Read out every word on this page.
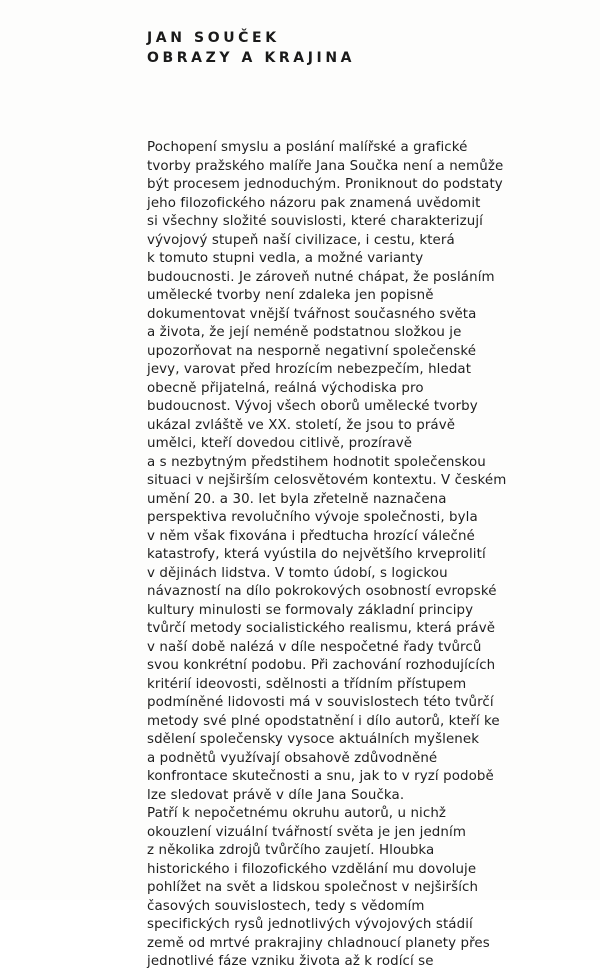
JAN SOUČEK
OBRAZY A KRAJINA
Pochopení smyslu a poslání malířské a grafické
tvorby pražského malíře Jana Součka není a nemůže
být procesem jednoduchým. Proniknout do podstaty
jeho filozofického názoru pak znamená uvědomit
si všechny složité souvislosti, které charakterizují
vývojový stupeň naší civilizace, i cestu, která
k tomuto stupni vedla, a možné varianty
budoucnosti. Je zároveň nutné chápat, že posláním
umělecké tvorby není zdaleka jen popisně
dokumentovat vnější tvářnost současného světa
a života, že její neméně podstatnou složkou je
upozorňovat na nesporně negativní společenské
jevy, varovat před hrozícím nebezpečím, hledat
obecně přijatelná, reálná východiska pro
budoucnost. Vývoj všech oborů umělecké tvorby
ukázal zvláště ve XX. století, že jsou to právě
umělci, kteří dovedou citlivě, prozíravě
a s nezbytným předstihem hodnotit společenskou
situaci v nejširším celosvětovém kontextu. V českém
umění 20. a 30. let byla zřetelně naznačena
perspektiva revolučního vývoje společnosti, byla
v něm však fixována i předtucha hrozící válečné
katastrofy, která vyústila do největšího krveprolití
v dějinách lidstva. V tomto údobí, s logickou
návazností na dílo pokrokových osobností evropské
kultury minulosti se formovaly základní principy
tvůrčí metody socialistického realismu, která právě
v naší době nalézá v díle nespočetné řady tvůrců
svou konkrétní podobu. Při zachování rozhodujících
kritérií ideovosti, sdělnosti a třídním přístupem
podmíněné lidovosti má v souvislostech této tvůrčí
metody své plné opodstatnění i dílo autorů, kteří ke
sdělení společensky vysoce aktuálních myšlenek
a podnětů využívají obsahově zdůvodněné
konfrontace skutečnosti a snu, jak to v ryzí podobě
lze sledovat právě v díle Jana Součka.
Patří k nepočetnému okruhu autorů, u nichž
okouzlení vizuální tvářností světa je jen jedním
z několika zdrojů tvůrčího zaujetí. Hloubka
historického i filozofického vzdělání mu dovoluje
pohlížet na svět a lidskou společnost v nejširších
časových souvislostech, tedy s vědomím
specifických rysů jednotlivých vývojových stádií
země od mrtvé prakrajiny chladnoucí planety přes
jednotlivé fáze vzniku života až k rodící se
